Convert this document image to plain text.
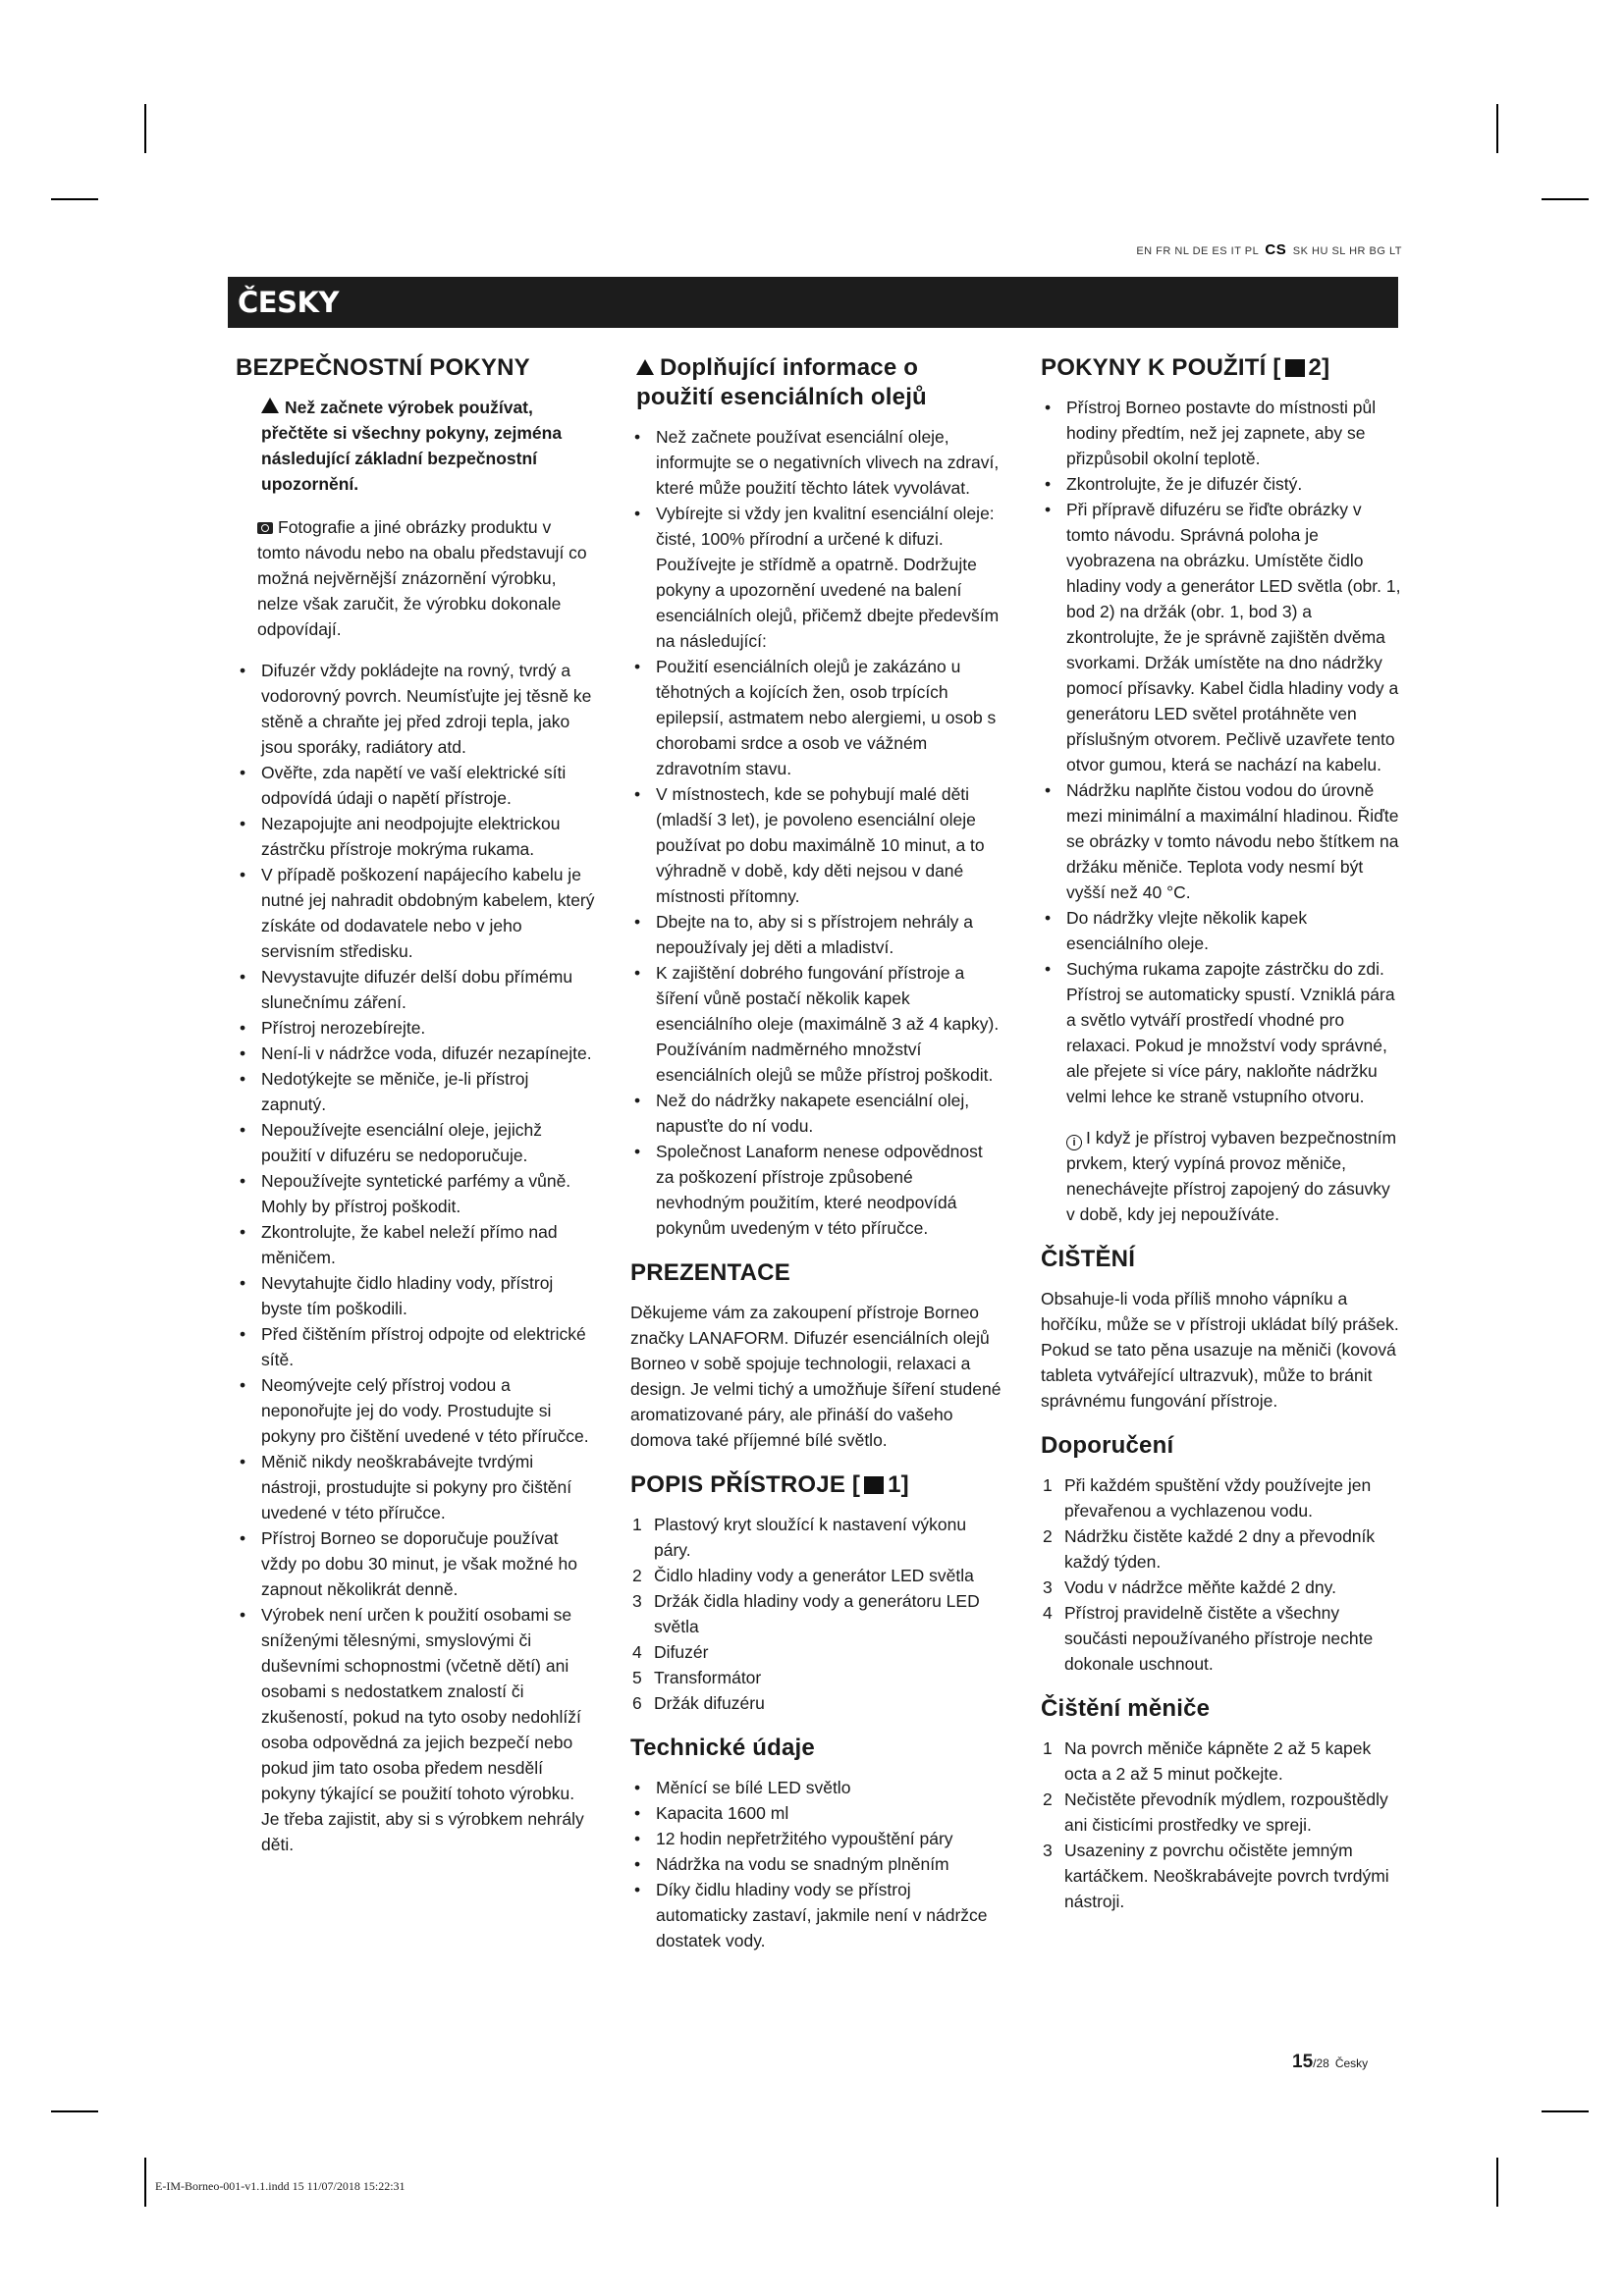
EN FR NL DE ES IT PL CS SK HU SL HR BG LT
ČESKY
BEZPEČNOSTNÍ POKYNY
Než začnete výrobek používat, přečtěte si všechny pokyny, zejména následující základní bezpečnostní upozornění.
Fotografie a jiné obrázky produktu v tomto návodu nebo na obalu představují co možná nejvěrnější znázornění výrobku, nelze však zaručit, že výrobku dokonale odpovídají.
• Difuzér vždy pokládejte na rovný, tvrdý a vodorovný povrch. Neumísťujte jej těsně ke stěně a chraňte jej před zdroji tepla, jako jsou sporáky, radiátory atd.
• Ověřte, zda napětí ve vaší elektrické síti odpovídá údaji o napětí přístroje.
• Nezapojujte ani neodpojujte elektrickou zástrčku přístroje mokrýma rukama.
• V případě poškození napájecího kabelu je nutné jej nahradit obdobným kabelem, který získáte od dodavatele nebo v jeho servisním středisku.
• Nevystavujte difuzér delší dobu přímému slunečnímu záření.
• Přístroj nerozebírejte.
• Není-li v nádržce voda, difuzér nezapínejte.
• Nedotýkejte se měniče, je-li přístroj zapnutý.
• Nepoužívejte esenciální oleje, jejichž použití v difuzéru se nedoporučuje.
• Nepoužívejte syntetické parfémy a vůně. Mohly by přístroj poškodit.
• Zkontrolujte, že kabel neleží přímo nad měničem.
• Nevytahujte čidlo hladiny vody, přístroj byste tím poškodili.
• Před čištěním přístroj odpojte od elektrické sítě.
• Neomývejte celý přístroj vodou a neponořujte jej do vody. Prostudujte si pokyny pro čištění uvedené v této příručce.
• Měnič nikdy neoškrabávejte tvrdými nástroji, prostudujte si pokyny pro čištění uvedené v této příručce.
• Přístroj Borneo se doporučuje používat vždy po dobu 30 minut, je však možné ho zapnout několikrát denně.
• Výrobek není určen k použití osobami se sníženými tělesnými, smyslovými či duševními schopnostmi (včetně dětí) ani osobami s nedostatkem znalostí či zkušeností, pokud na tyto osoby nedohlíží osoba odpovědná za jejich bezpečí nebo pokud jim tato osoba předem nesdělí pokyny týkající se použití tohoto výrobku. Je třeba zajistit, aby si s výrobkem nehrály děti.
Doplňující informace o použití esenciálních olejů
• Než začnete používat esenciální oleje, informujte se o negativních vlivech na zdraví, které může použití těchto látek vyvolávat.
• Vybírejte si vždy jen kvalitní esenciální oleje: čisté, 100% přírodní a určené k difuzi. Používejte je střídmě a opatrně. Dodržujte pokyny a upozornění uvedené na balení esenciálních olejů, přičemž dbejte především na následující:
• Použití esenciálních olejů je zakázáno u těhotných a kojících žen, osob trpících epilepsií, astmatem nebo alergiemi, u osob s chorobami srdce a osob ve vážném zdravotním stavu.
• V místnostech, kde se pohybují malé děti (mladší 3 let), je povoleno esenciální oleje používat po dobu maximálně 10 minut, a to výhradně v době, kdy děti nejsou v dané místnosti přítomny.
• Dbejte na to, aby si s přístrojem nehrály a nepoužívaly jej děti a mladiství.
• K zajištění dobrého fungování přístroje a šíření vůně postačí několik kapek esenciálního oleje (maximálně 3 až 4 kapky). Používáním nadměrného množství esenciálních olejů se může přístroj poškodit.
• Než do nádržky nakapete esenciální olej, napusťte do ní vodu.
• Společnost Lanaform nenese odpovědnost za poškození přístroje způsobené nevhodným použitím, které neodpovídá pokynům uvedeným v této příručce.
PREZENTACE

Děkujeme vám za zakoupení přístroje Borneo značky LANAFORM. Difuzér esenciálních olejů Borneo v sobě spojuje technologii, relaxaci a design. Je velmi tichý a umožňuje šíření studené aromatizované páry, ale přináší do vašeho domova také příjemné bílé světlo.

POPIS PŘÍSTROJE [ 1]
1 Plastový kryt sloužící k nastavení výkonu páry.
2 Čidlo hladiny vody a generátor LED světla
3 Držák čidla hladiny vody a generátoru LED světla
4 Difuzér
5 Transformátor
6 Držák difuzéru
Technické údaje
• Měnící se bílé LED světlo
• Kapacita 1600 ml
• 12 hodin nepřetržitého vypouštění páry
• Nádržka na vodu se snadným plněním
• Díky čidlu hladiny vody se přístroj automaticky zastaví, jakmile není v nádržce dostatek vody.
POKYNY K POUŽITÍ [ 2]
• Přístroj Borneo postavte do místnosti půl hodiny předtím, než jej zapnete, aby se přizpůsobil okolní teplotě.
• Zkontrolujte, že je difuzér čistý.
• Při přípravě difuzéru se řiďte obrázky v tomto návodu. Správná poloha je vyobrazena na obrázku. Umístěte čidlo hladiny vody a generátor LED světla (obr. 1, bod 2) na držák (obr. 1, bod 3) a zkontrolujte, že je správně zajištěn dvěma svorkami. Držák umístěte na dno nádržky pomocí přísavky. Kabel čidla hladiny vody a generátoru LED světel protáhněte ven příslušným otvorem. Pečlivě uzavřete tento otvor gumou, která se nachází na kabelu.
• Nádržku naplňte čistou vodou do úrovně mezi minimální a maximální hladinou. Řiďte se obrázky v tomto návodu nebo štítkem na držáku měniče. Teplota vody nesmí být vyšší než 40 °C.
• Do nádržky vlejte několik kapek esenciálního oleje.
• Suchýma rukama zapojte zástrčku do zdi. Přístroj se automaticky spustí. Vzniklá pára a světlo vytváří prostředí vhodné pro relaxaci. Pokud je množství vody správné, ale přejete si více páry, nakloňte nádržku velmi lehce ke straně vstupního otvoru.
i I když je přístroj vybaven bezpečnostním prvkem, který vypíná provoz měniče, nenechávejte přístroj zapojený do zásuvky v době, kdy jej nepoužíváte.
ČIŠTĚNÍ

Obsahuje-li voda příliš mnoho vápníku a hořčíku, může se v přístroji ukládat bílý prášek. Pokud se tato pěna usazuje na měniči (kovová tableta vytvářející ultrazvuk), může to bránit správnému fungování přístroje.

Doporučení
1 Při každém spuštění vždy používejte jen převařenou a vychlazenou vodu.
2 Nádržku čistěte každé 2 dny a převodník každý týden.
3 Vodu v nádržce měňte každé 2 dny.
4 Přístroj pravidelně čistěte a všechny součásti nepoužívaného přístroje nechte dokonale uschnout.
Čištění měniče
1 Na povrch měniče kápněte 2 až 5 kapek octa a 2 až 5 minut počkejte.
2 Nečistěte převodník mýdlem, rozpouštědly ani čisticími prostředky ve spreji.
3 Usazeniny z povrchu očistěte jemným kartáčkem. Neoškrabávejte povrch tvrdými nástroji.
15/28 Česky
E-IM-Borneo-001-v1.1.indd 15 11/07/2018 15:22:31
